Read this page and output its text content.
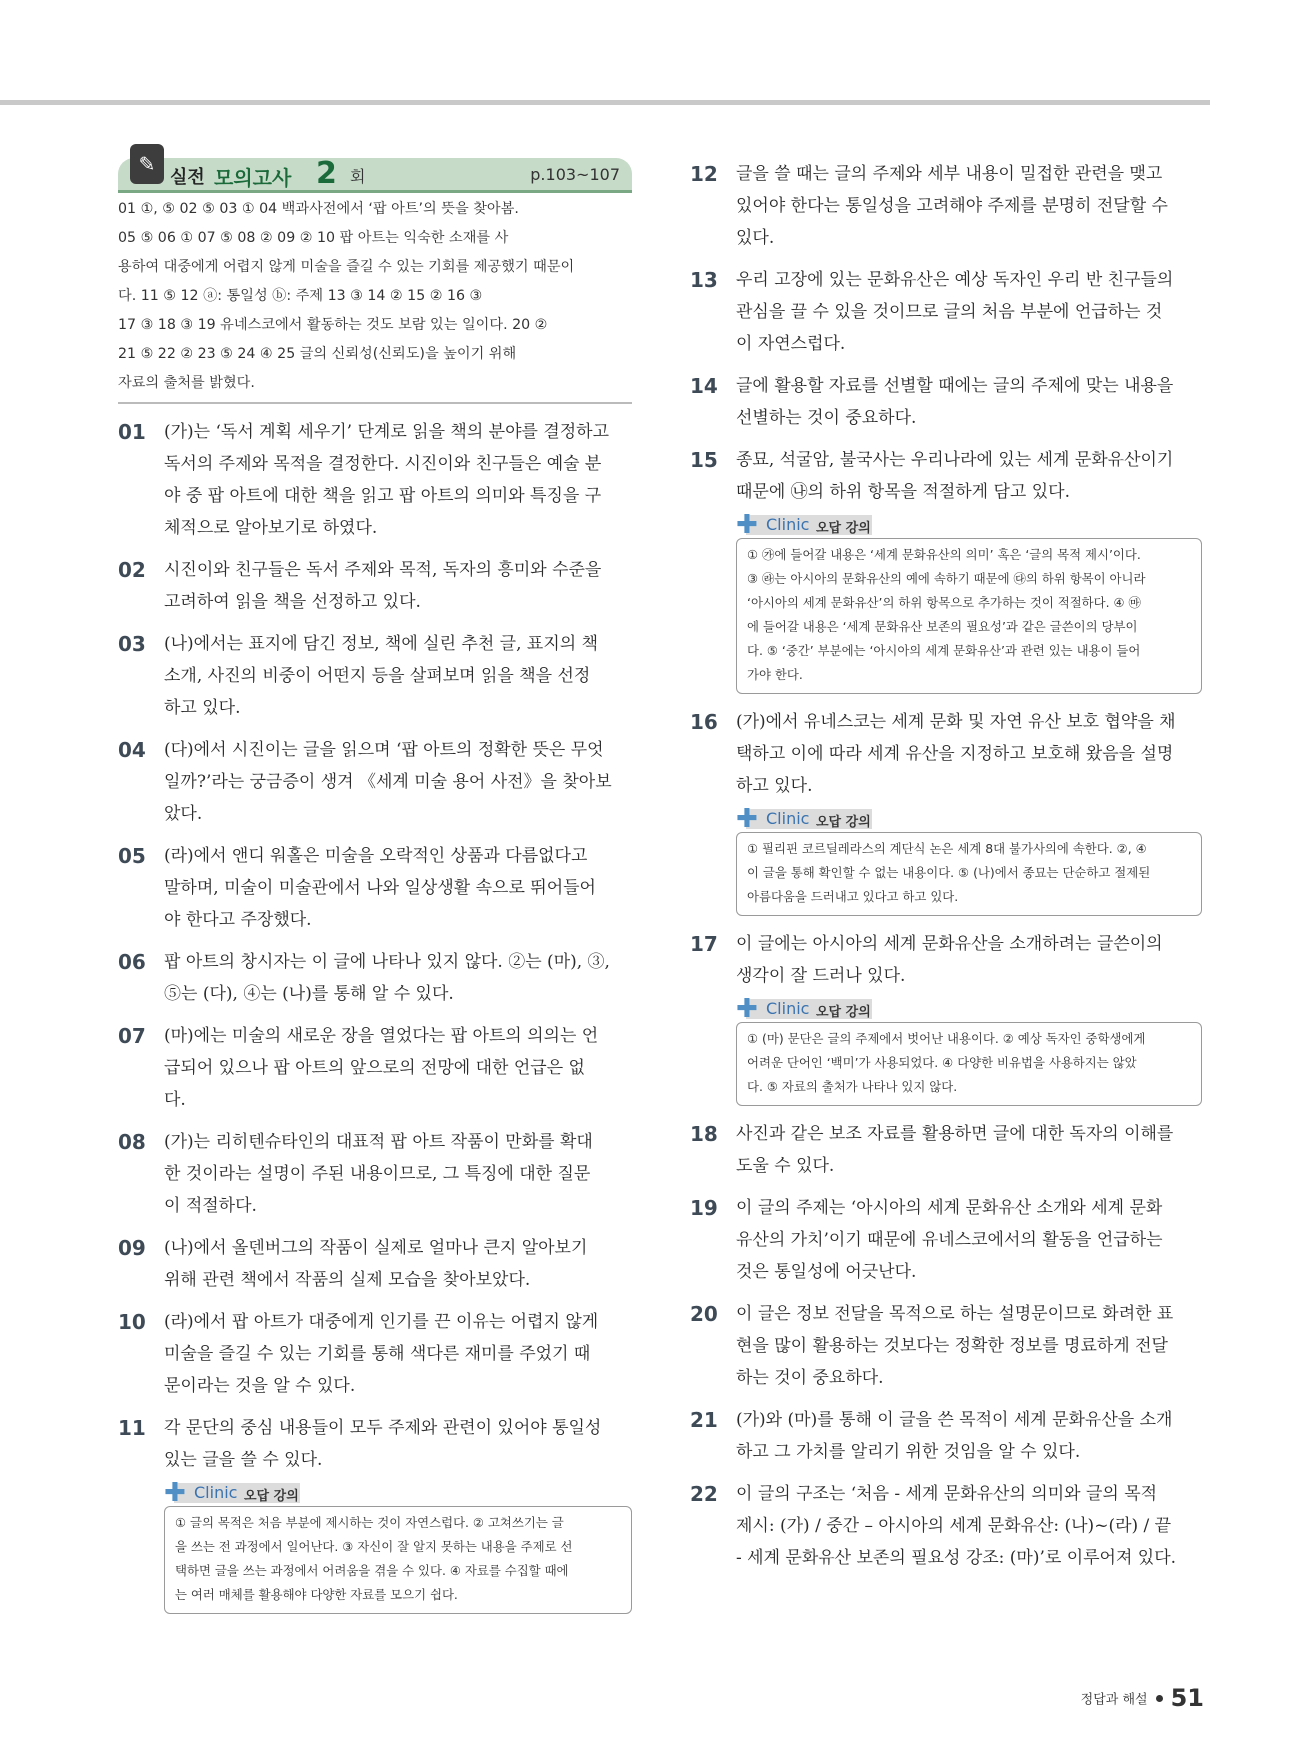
✎
실전 모의고사 2 회	p.103~107

01 ①, ⑤ 02 ⑤ 03 ① 04 백과사전에서 ‘팝 아트’의 뜻을 찾아봄.

05 ⑤ 06 ① 07 ⑤ 08 ② 09 ② 10 팝 아트는 익숙한 소재를 사

용하여 대중에게 어렵지 않게 미술을 즐길 수 있는 기회를 제공했기 때문이

다. 11 ⑤ 12 ⓐ: 통일성 ⓑ: 주제 13 ③ 14 ② 15 ② 16 ③

17 ③ 18 ③ 19 유네스코에서 활동하는 것도 보람 있는 일이다. 20 ②

21 ⑤ 22 ② 23 ⑤ 24 ④ 25 글의 신뢰성(신뢰도)을 높이기 위해

자료의 출처를 밝혔다.

01 (가)는 ‘독서 계획 세우기’ 단계로 읽을 책의 분야를 결정하고

독서의 주제와 목적을 결정한다. 시진이와 친구들은 예술 분

야 중 팝 아트에 대한 책을 읽고 팝 아트의 의미와 특징을 구

체적으로 알아보기로 하였다.

02 시진이와 친구들은 독서 주제와 목적, 독자의 흥미와 수준을

고려하여 읽을 책을 선정하고 있다.

03 (나)에서는 표지에 담긴 정보, 책에 실린 추천 글, 표지의 책

소개, 사진의 비중이 어떤지 등을 살펴보며 읽을 책을 선정

하고 있다.

04 (다)에서 시진이는 글을 읽으며 ‘팝 아트의 정확한 뜻은 무엇

일까?’라는 궁금증이 생겨 《세계 미술 용어 사전》을 찾아보

았다.

05 (라)에서 앤디 워홀은 미술을 오락적인 상품과 다름없다고

말하며, 미술이 미술관에서 나와 일상생활 속으로 뛰어들어

야 한다고 주장했다.

06 팝 아트의 창시자는 이 글에 나타나 있지 않다. ②는 (마), ③,

⑤는 (다), ④는 (나)를 통해 알 수 있다.

07 (마)에는 미술의 새로운 장을 열었다는 팝 아트의 의의는 언

급되어 있으나 팝 아트의 앞으로의 전망에 대한 언급은 없

다.

08 (가)는 리히텐슈타인의 대표적 팝 아트 작품이 만화를 확대

한 것이라는 설명이 주된 내용이므로, 그 특징에 대한 질문

이 적절하다.

09 (나)에서 올덴버그의 작품이 실제로 얼마나 큰지 알아보기

위해 관련 책에서 작품의 실제 모습을 찾아보았다.

10 (라)에서 팝 아트가 대중에게 인기를 끈 이유는 어렵지 않게

미술을 즐길 수 있는 기회를 통해 색다른 재미를 주었기 때

문이라는 것을 알 수 있다.

11 각 문단의 중심 내용들이 모두 주제와 관련이 있어야 통일성

있는 글을 쓸 수 있다.

✚ Clinic 오답 강의

① 글의 목적은 처음 부분에 제시하는 것이 자연스럽다. ② 고쳐쓰기는 글

을 쓰는 전 과정에서 일어난다. ③ 자신이 잘 알지 못하는 내용을 주제로 선

택하면 글을 쓰는 과정에서 어려움을 겪을 수 있다. ④ 자료를 수집할 때에

는 여러 매체를 활용해야 다양한 자료를 모으기 쉽다.

12 글을 쓸 때는 글의 주제와 세부 내용이 밀접한 관련을 맺고

있어야 한다는 통일성을 고려해야 주제를 분명히 전달할 수

있다.

13 우리 고장에 있는 문화유산은 예상 독자인 우리 반 친구들의

관심을 끌 수 있을 것이므로 글의 처음 부분에 언급하는 것

이 자연스럽다.

14 글에 활용할 자료를 선별할 때에는 글의 주제에 맞는 내용을

선별하는 것이 중요하다.

15 종묘, 석굴암, 불국사는 우리나라에 있는 세계 문화유산이기

때문에 ㉯의 하위 항목을 적절하게 담고 있다.

✚ Clinic 오답 강의

① ㉮에 들어갈 내용은 ‘세계 문화유산의 의미’ 혹은 ‘글의 목적 제시’이다.

③ ㉱는 아시아의 문화유산의 예에 속하기 때문에 ㉰의 하위 항목이 아니라

‘아시아의 세계 문화유산’의 하위 항목으로 추가하는 것이 적절하다. ④ ㉲

에 들어갈 내용은 ‘세계 문화유산 보존의 필요성’과 같은 글쓴이의 당부이

다. ⑤ ‘중간’ 부분에는 ‘아시아의 세계 문화유산’과 관련 있는 내용이 들어

가야 한다.

16 (가)에서 유네스코는 세계 문화 및 자연 유산 보호 협약을 채

택하고 이에 따라 세계 유산을 지정하고 보호해 왔음을 설명

하고 있다.

✚ Clinic 오답 강의

① 필리핀 코르딜레라스의 계단식 논은 세계 8대 불가사의에 속한다. ②, ④

이 글을 통해 확인할 수 없는 내용이다. ⑤ (나)에서 종묘는 단순하고 절제된

아름다움을 드러내고 있다고 하고 있다.

17 이 글에는 아시아의 세계 문화유산을 소개하려는 글쓴이의

생각이 잘 드러나 있다.

✚ Clinic 오답 강의

① (마) 문단은 글의 주제에서 벗어난 내용이다. ② 예상 독자인 중학생에게

어려운 단어인 ‘백미’가 사용되었다. ④ 다양한 비유법을 사용하지는 않았

다. ⑤ 자료의 출처가 나타나 있지 않다.

18 사진과 같은 보조 자료를 활용하면 글에 대한 독자의 이해를

도울 수 있다.

19 이 글의 주제는 ‘아시아의 세계 문화유산 소개와 세계 문화

유산의 가치’이기 때문에 유네스코에서의 활동을 언급하는

것은 통일성에 어긋난다.

20 이 글은 정보 전달을 목적으로 하는 설명문이므로 화려한 표

현을 많이 활용하는 것보다는 정확한 정보를 명료하게 전달

하는 것이 중요하다.

21 (가)와 (마)를 통해 이 글을 쓴 목적이 세계 문화유산을 소개

하고 그 가치를 알리기 위한 것임을 알 수 있다.

22 이 글의 구조는 ‘처음 - 세계 문화유산의 의미와 글의 목적

제시: (가) / 중간 – 아시아의 세계 문화유산: (나)~(라) / 끝

- 세계 문화유산 보존의 필요성 강조: (마)’로 이루어져 있다.

정답과 해설 51
